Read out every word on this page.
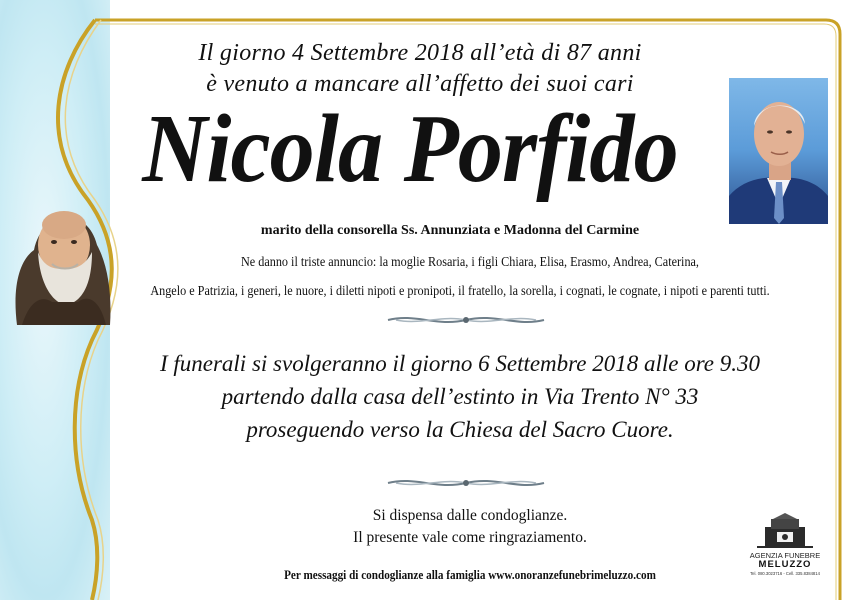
Il giorno 4 Settembre 2018 all’età di 87 anni
è venuto a mancare all’affetto dei suoi cari
Nicola Porfido
marito della consorella Ss. Annunziata e Madonna del Carmine
Ne danno il triste annuncio: la moglie Rosaria, i figli Chiara, Elisa, Erasmo, Andrea, Caterina,
Angelo e Patrizia, i generi, le nuore, i diletti nipoti e pronipoti, il fratello, la sorella, i cognati, le cognate, i nipoti e parenti tutti.
I funerali si svolgeranno il giorno 6 Settembre 2018 alle ore 9.30
partendo dalla casa dell’estinto in Via Trento N° 33
proseguendo verso la Chiesa del Sacro Cuore.
Si dispensa dalle condoglianze.
Il presente vale come ringraziamento.
Per messaggi di condoglianze alla famiglia www.onoranzefunebrimeluzzo.com
AGENZIA FUNEBRE
MELUZZO
Tel. 080.3023716 - Cell. 335.8384814
